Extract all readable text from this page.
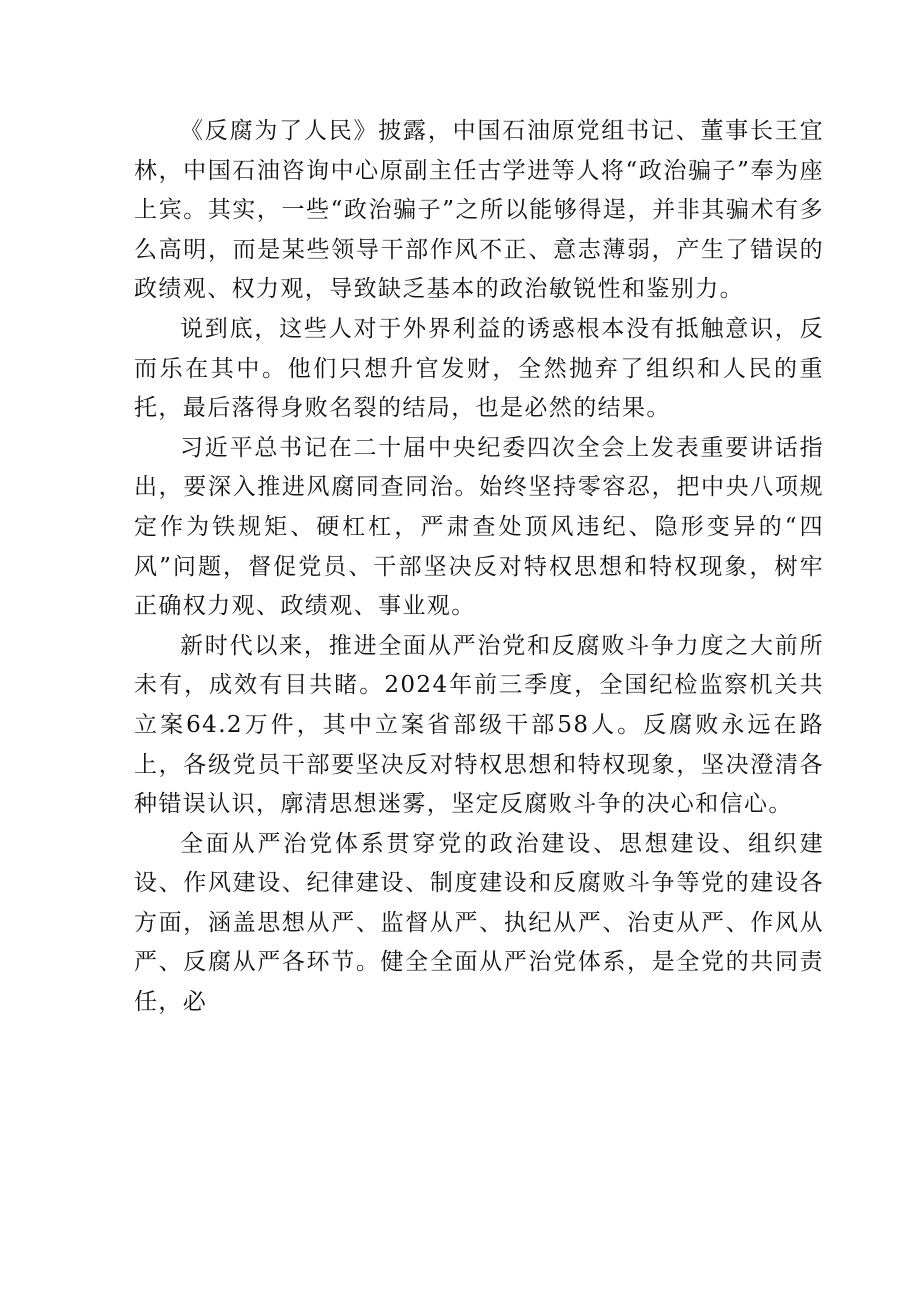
《反腐为了人民》披露，中国石油原党组书记、董事长王宜林，中国石油咨询中心原副主任古学进等人将“政治骗子”奉为座上宾。其实，一些“政治骗子”之所以能够得逞，并非其骗术有多么高明，而是某些领导干部作风不正、意志薄弱，产生了错误的政绩观、权力观，导致缺乏基本的政治敏锐性和鉴别力。

说到底，这些人对于外界利益的诱惑根本没有抵触意识，反而乐在其中。他们只想升官发财，全然抛弃了组织和人民的重托，最后落得身败名裂的结局，也是必然的结果。

习近平总书记在二十届中央纪委四次全会上发表重要讲话指出，要深入推进风腐同查同治。始终坚持零容忍，把中央八项规定作为铁规矩、硬杠杠，严肃查处顶风违纪、隐形变异的“四风”问题，督促党员、干部坚决反对特权思想和特权现象，树牢正确权力观、政绩观、事业观。

新时代以来，推进全面从严治党和反腐败斗争力度之大前所未有，成效有目共睹。2024年前三季度，全国纪检监察机关共立案64.2万件，其中立案省部级干部58人。反腐败永远在路上，各级党员干部要坚决反对特权思想和特权现象，坚决澄清各种错误认识，廓清思想迷雾，坚定反腐败斗争的决心和信心。

全面从严治党体系贯穿党的政治建设、思想建设、组织建设、作风建设、纪律建设、制度建设和反腐败斗争等党的建设各方面，涵盖思想从严、监督从严、执纪从严、治吏从严、作风从严、反腐从严各环节。健全全面从严治党体系，是全党的共同责任，必
